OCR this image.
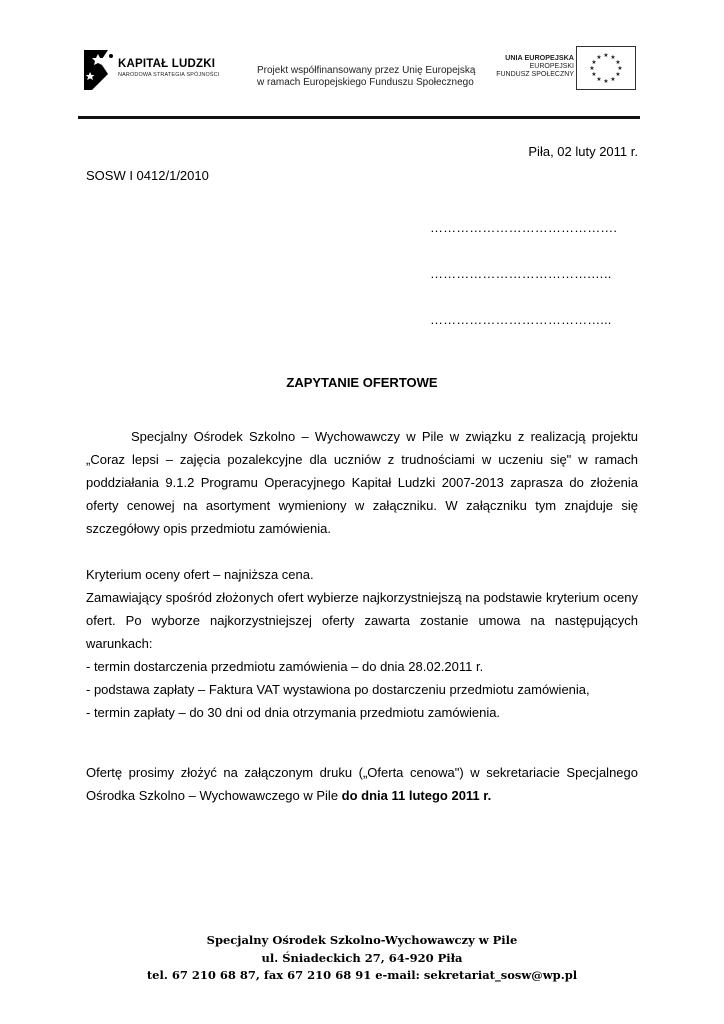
KAPITAŁ LUDZKI
NARODOWA STRATEGIA SPÓJNOŚCI	Projekt współfinansowany przez Unię Europejską
w ramach Europejskiego Funduszu Społecznego
UNIA EUROPEJSKA
EUROPEJSKI
FUNDUSZ SPOŁECZNY
★ ★
★
★
★
★
★
★
★
★
★
★
Piła, 02 luty 2011 r.
SOSW I 0412/1/2010
…………………………………….
……………………………….…..
…………………………………...
ZAPYTANIE OFERTOWE

Specjalny Ośrodek Szkolno – Wychowawczy w Pile w związku z realizacją projektu „Coraz lepsi – zajęcia pozalekcyjne dla uczniów z trudnościami w uczeniu się" w ramach poddziałania 9.1.2 Programu Operacyjnego Kapitał Ludzki 2007-2013 zaprasza do złożenia oferty cenowej na asortyment wymieniony w załączniku. W załączniku tym znajduje się szczegółowy opis przedmiotu zamówienia.

Kryterium oceny ofert – najniższa cena.

Zamawiający spośród złożonych ofert wybierze najkorzystniejszą na podstawie kryterium oceny ofert. Po wyborze najkorzystniejszej oferty zawarta zostanie umowa na następujących warunkach:

- termin dostarczenia przedmiotu zamówienia – do dnia 28.02.2011 r.

- podstawa zapłaty – Faktura VAT wystawiona po dostarczeniu przedmiotu zamówienia,

- termin zapłaty – do 30 dni od dnia otrzymania przedmiotu zamówienia.

Ofertę prosimy złożyć na załączonym druku („Oferta cenowa") w sekretariacie Specjalnego Ośrodka Szkolno – Wychowawczego w Pile do dnia 11 lutego 2011 r.

Specjalny Ośrodek Szkolno-Wychowawczy w Pile
ul. Śniadeckich 27, 64-920 Piła
tel. 67 210 68 87, fax 67 210 68 91 e-mail: sekretariat_sosw@wp.pl
